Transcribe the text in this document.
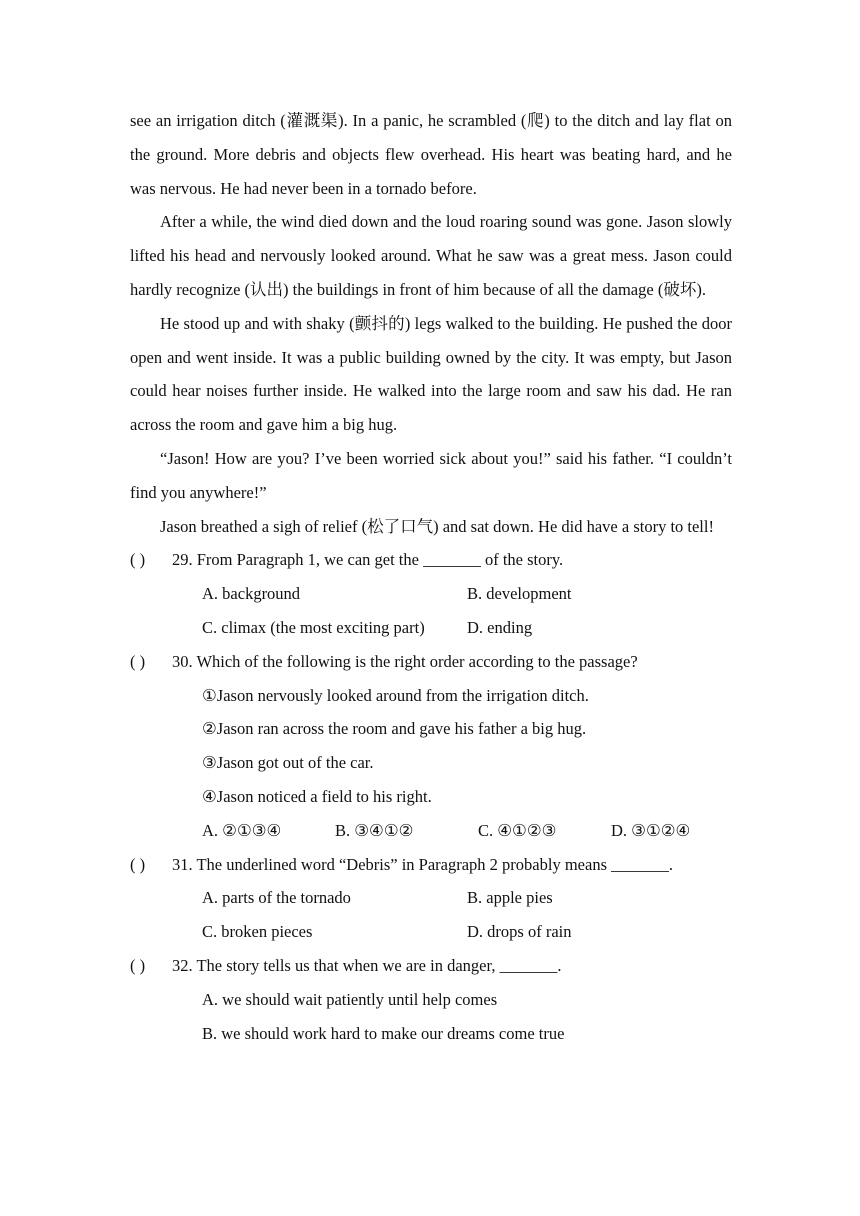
see an irrigation ditch (灌溉渠). In a panic, he scrambled (爬) to the ditch and lay flat on the ground. More debris and objects flew overhead. His heart was beating hard, and he was nervous. He had never been in a tornado before.

After a while, the wind died down and the loud roaring sound was gone. Jason slowly lifted his head and nervously looked around. What he saw was a great mess. Jason could hardly recognize (认出) the buildings in front of him because of all the damage (破坏).

He stood up and with shaky (颤抖的) legs walked to the building. He pushed the door open and went inside. It was a public building owned by the city. It was empty, but Jason could hear noises further inside. He walked into the large room and saw his dad. He ran across the room and gave him a big hug.

“Jason! How are you? I’ve been worried sick about you!” said his father. “I couldn’t find you anywhere!”

Jason breathed a sigh of relief (松了口气) and sat down. He did have a story to tell!

( )	29. From Paragraph 1, we can get the _______ of the story.
A. background	B. development
C. climax (the most exciting part)	D. ending
( )	30. Which of the following is the right order according to the passage?
①Jason nervously looked around from the irrigation ditch.
②Jason ran across the room and gave his father a big hug.
③Jason got out of the car.
④Jason noticed a field to his right.
A. ②①③④	B. ③④①②	C. ④①②③	D. ③①②④
( )	31. The underlined word “Debris” in Paragraph 2 probably means _______.
A. parts of the tornado	B. apple pies
C. broken pieces	D. drops of rain
( )	32. The story tells us that when we are in danger, _______.
A. we should wait patiently until help comes
B. we should work hard to make our dreams come true
